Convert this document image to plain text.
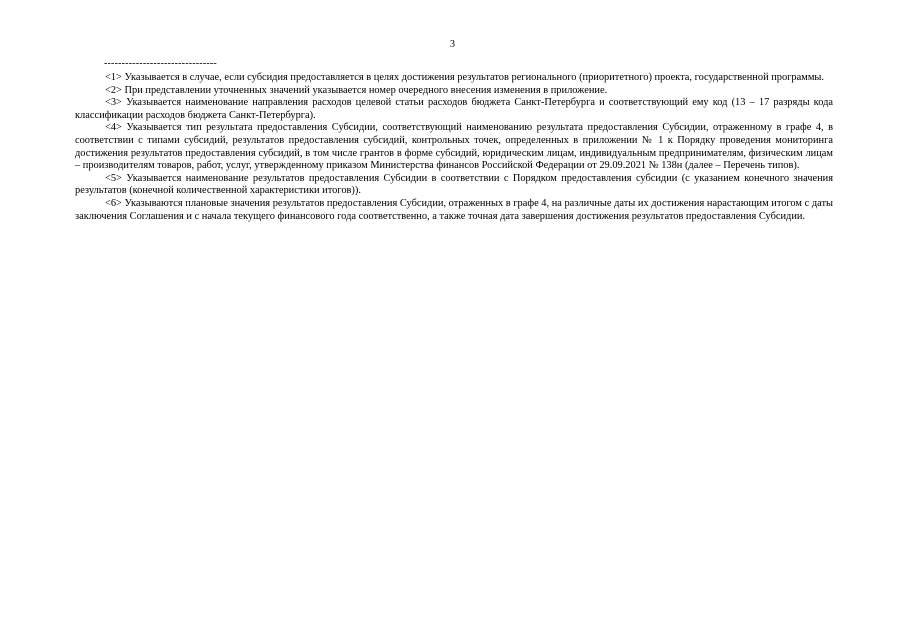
3
--------------------------------

<1> Указывается в случае, если субсидия предоставляется в целях достижения результатов регионального (приоритетного) проекта, государственной программы.

<2> При представлении уточненных значений указывается номер очередного внесения изменения в приложение.

<3> Указывается наименование направления расходов целевой статьи расходов бюджета Санкт-Петербурга и соответствующий ему код (13 – 17 разряды кода классификации расходов бюджета Санкт-Петербурга).

<4> Указывается тип результата предоставления Субсидии, соответствующий наименованию результата предоставления Субсидии, отраженному в графе 4, в соответствии с типами субсидий, результатов предоставления субсидий, контрольных точек, определенных в приложении № 1 к Порядку проведения мониторинга достижения результатов предоставления субсидий, в том числе грантов в форме субсидий, юридическим лицам, индивидуальным предпринимателям, физическим лицам – производителям товаров, работ, услуг, утвержденному приказом Министерства финансов Российской Федерации от 29.09.2021 № 138н (далее – Перечень типов).

<5> Указывается наименование результатов предоставления Субсидии в соответствии с Порядком предоставления субсидии (с указанием конечного значения результатов (конечной количественной характеристики итогов)).

<6> Указываются плановые значения результатов предоставления Субсидии, отраженных в графе 4, на различные даты их достижения нарастающим итогом с даты заключения Соглашения и с начала текущего финансового года соответственно, а также точная дата завершения достижения результатов предоставления Субсидии.
